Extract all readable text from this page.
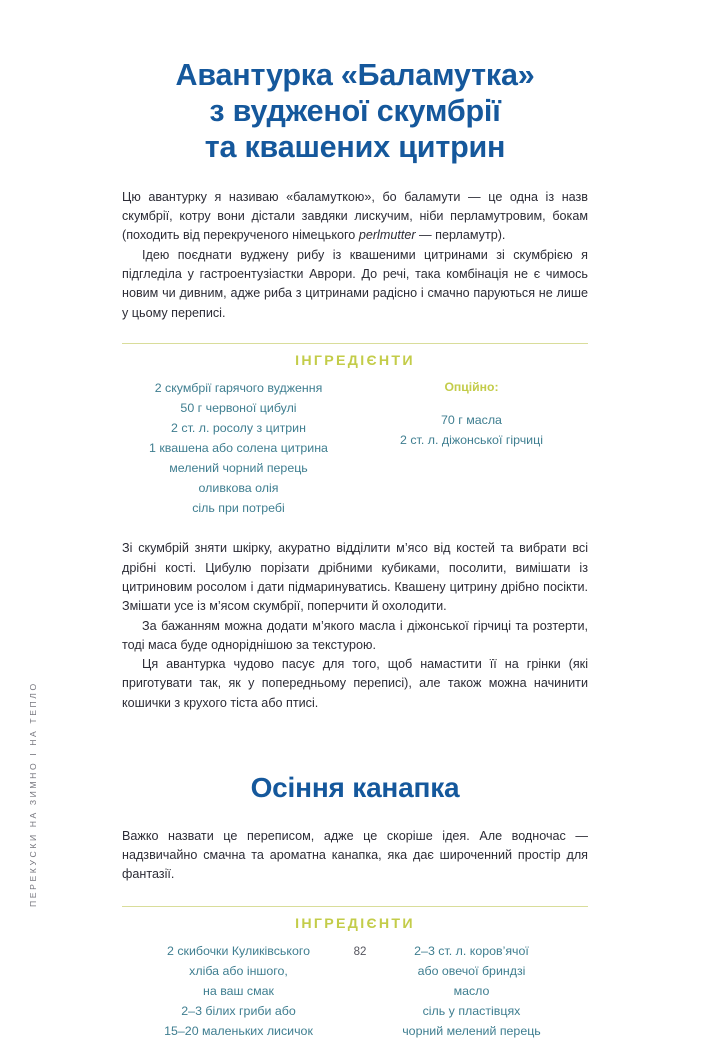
ПЕРЕКУСКИ НА ЗИМНО І НА ТЕПЛО
Авантурка «Баламутка»
з вудженої скумбрії
та квашених цитрин

Цю авантурку я називаю «баламуткою», бо баламути — це одна із назв скумбрії, котру вони дістали завдяки лискучим, ніби перламутровим, бокам (походить від перекрученого німецького perlmutter — перламутр).

Ідею поєднати вуджену рибу із квашеними цитринами зі скумбрією я підгледіла у гастроентузіастки Аврори. До речі, така комбінація не є чимось новим чи дивним, адже риба з цитринами радісно і смачно паруються не лише у цьому переписі.

ІНГРЕДІЄНТИ
2 скумбрії гарячого вудження
50 г червоної цибулі
2 ст. л. росолу з цитрин
1 квашена або солена цитрина
мелений чорний перець
оливкова олія
сіль при потребі
Опційно:
70 г масла
2 ст. л. діжонської гірчиці

Зі скумбрій зняти шкірку, акуратно відділити м’ясо від костей та вибрати всі дрібні кості. Цибулю порізати дрібними кубиками, посолити, вимішати із цитриновим росолом і дати підмаринуватись. Квашену цитрину дрібно посікти. Змішати усе із м’ясом скумбрії, поперчити й охолодити.

За бажанням можна додати м’якого масла і діжонської гірчиці та розтерти, тоді маса буде одноріднішою за текстурою.

Ця авантурка чудово пасує для того, щоб намастити її на грінки (які приготувати так, як у попередньому переписі), але також можна начинити кошички з крухого тіста або птисі.

Осіння канапка

Важко назвати це переписом, адже це скоріше ідея. Але водночас — надзвичайно смачна та ароматна канапка, яка дає широченний простір для фантазії.

ІНГРЕДІЄНТИ
2 скибочки Куликівського
хліба або іншого,
на ваш смак
2–3 білих гриби або
15–20 маленьких лисичок
2–3 ст. л. коров’ячої
або овечої бриндзі
масло
сіль у пластівцях
чорний мелений перець
82
